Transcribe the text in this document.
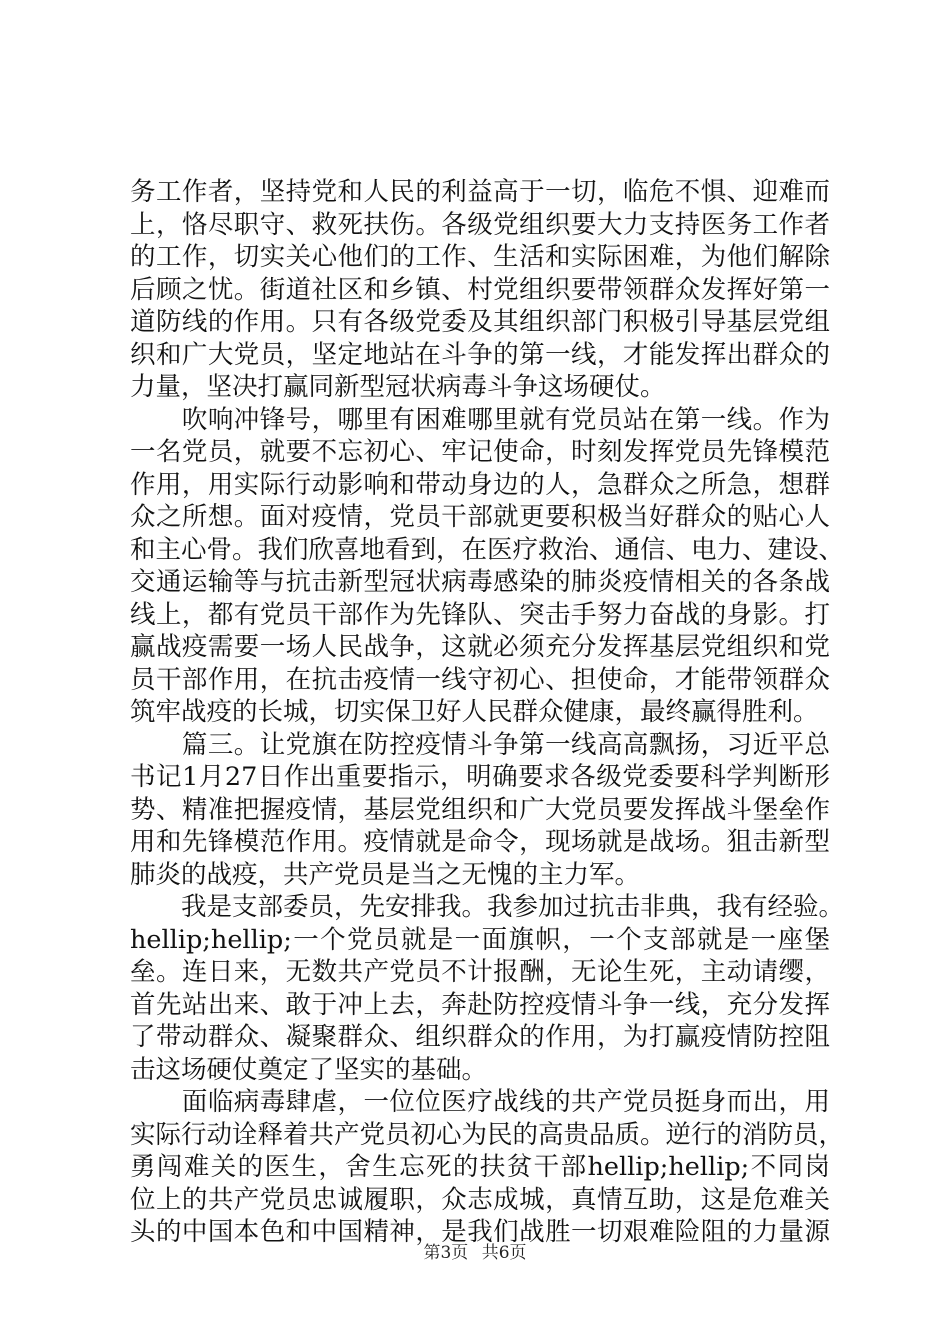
务工作者，坚持党和人民的利益高于一切，临危不惧、迎难而
上，恪尽职守、救死扶伤。各级党组织要大力支持医务工作者
的工作，切实关心他们的工作、生活和实际困难，为他们解除
后顾之忧。街道社区和乡镇、村党组织要带领群众发挥好第一
道防线的作用。只有各级党委及其组织部门积极引导基层党组
织和广大党员，坚定地站在斗争的第一线，才能发挥出群众的
力量，坚决打赢同新型冠状病毒斗争这场硬仗。
　　吹响冲锋号，哪里有困难哪里就有党员站在第一线。作为
一名党员，就要不忘初心、牢记使命，时刻发挥党员先锋模范
作用，用实际行动影响和带动身边的人，急群众之所急，想群
众之所想。面对疫情，党员干部就更要积极当好群众的贴心人
和主心骨。我们欣喜地看到，在医疗救治、通信、电力、建设、
交通运输等与抗击新型冠状病毒感染的肺炎疫情相关的各条战
线上，都有党员干部作为先锋队、突击手努力奋战的身影。打
赢战疫需要一场人民战争，这就必须充分发挥基层党组织和党
员干部作用，在抗击疫情一线守初心、担使命，才能带领群众
筑牢战疫的长城，切实保卫好人民群众健康，最终赢得胜利。
　　篇三。让党旗在防控疫情斗争第一线高高飘扬，习近平总
书记1月27日作出重要指示，明确要求各级党委要科学判断形
势、精准把握疫情，基层党组织和广大党员要发挥战斗堡垒作
用和先锋模范作用。疫情就是命令，现场就是战场。狙击新型
肺炎的战疫，共产党员是当之无愧的主力军。
　　我是支部委员，先安排我。我参加过抗击非典，我有经验。
hellip;hellip;一个党员就是一面旗帜，一个支部就是一座堡
垒。连日来，无数共产党员不计报酬，无论生死，主动请缨，
首先站出来、敢于冲上去，奔赴防控疫情斗争一线，充分发挥
了带动群众、凝聚群众、组织群众的作用，为打赢疫情防控阻
击这场硬仗奠定了坚实的基础。
　　面临病毒肆虐，一位位医疗战线的共产党员挺身而出，用
实际行动诠释着共产党员初心为民的高贵品质。逆行的消防员，
勇闯难关的医生，舍生忘死的扶贫干部hellip;hellip;不同岗
位上的共产党员忠诚履职，众志成城，真情互助，这是危难关
头的中国本色和中国精神，是我们战胜一切艰难险阻的力量源
第3页 共6页
